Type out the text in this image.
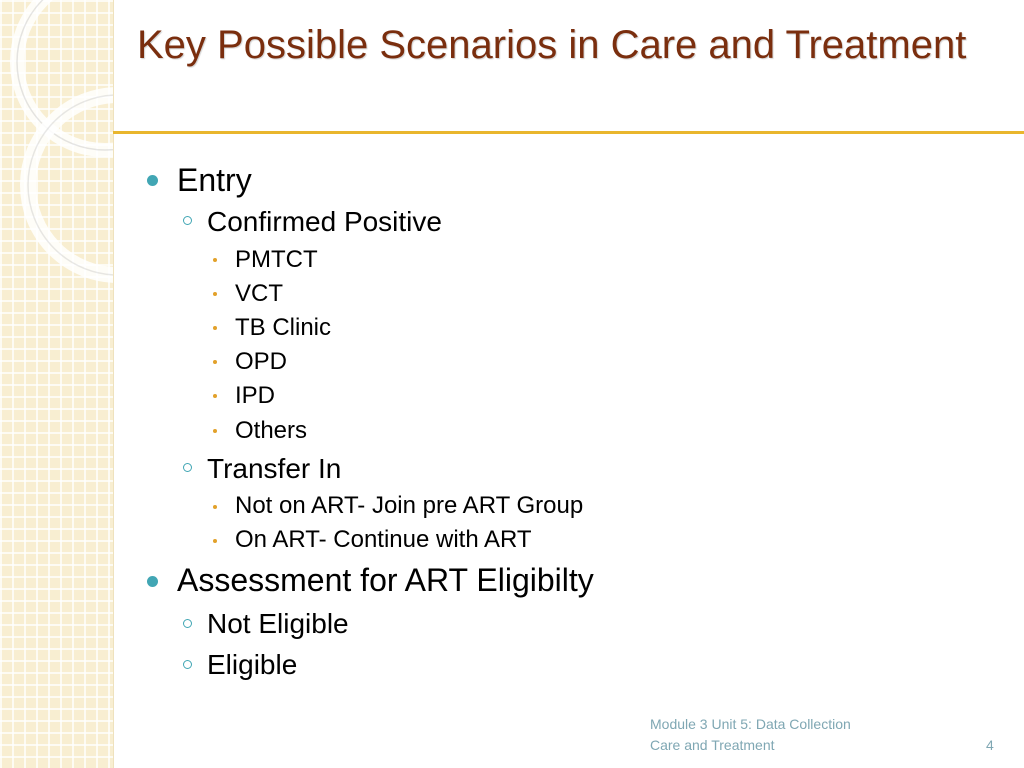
Key Possible Scenarios in Care and Treatment
Entry
Confirmed Positive
PMTCT
VCT
TB Clinic
OPD
IPD
Others
Transfer In
Not on ART- Join pre ART Group
On ART- Continue with ART
Assessment for ART Eligibilty
Not Eligible
Eligible
Module 3 Unit 5: Data Collection
Care and Treatment	4
